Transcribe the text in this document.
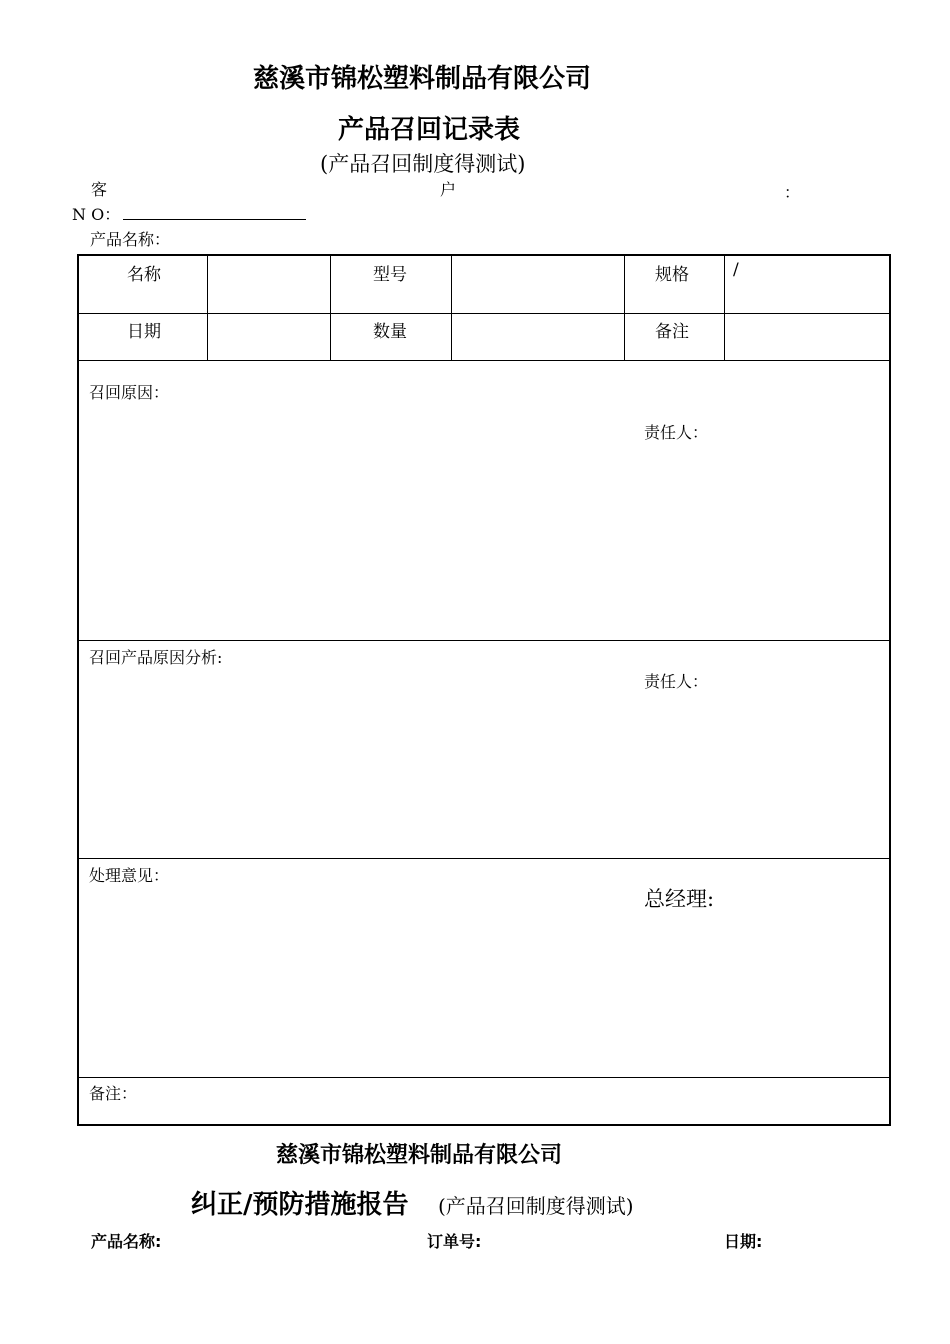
慈溪市锦松塑料制品有限公司
产品召回记录表
(产品召回制度得测试)
客	户	：
N O：
产品名称：
名称	型号	规格	/
日期	数量	备注
召回原因：
责任人：
召回产品原因分析:
责任人：
处理意见：
总经理:
备注：
慈溪市锦松塑料制品有限公司
纠正/预防措施报告 (产品召回制度得测试)
产品名称:	订单号:	日期:
